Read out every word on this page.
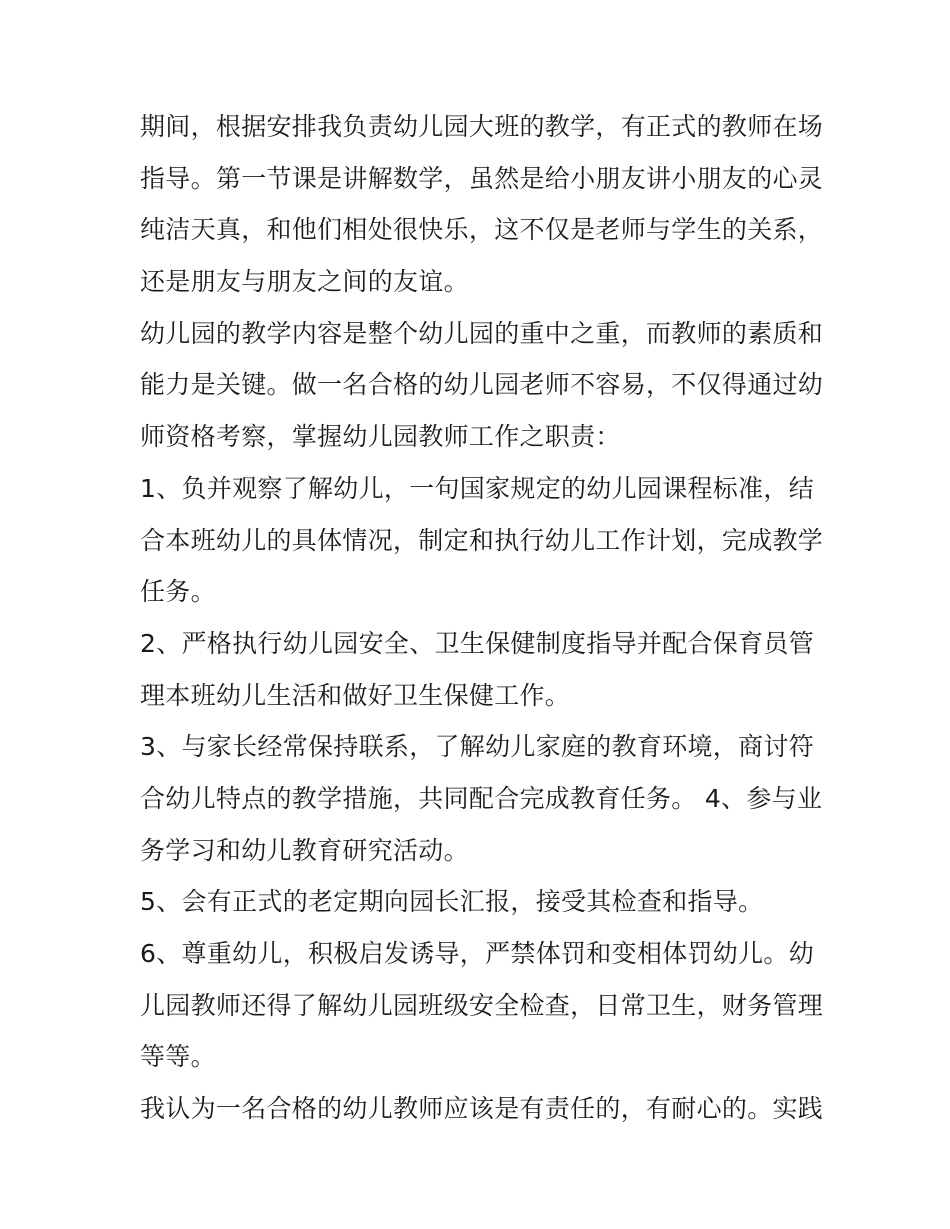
期间，根据安排我负责幼儿园大班的教学，有正式的教师在场
指导。第一节课是讲解数学，虽然是给小朋友讲小朋友的心灵
纯洁天真，和他们相处很快乐，这不仅是老师与学生的关系，
还是朋友与朋友之间的友谊。
幼儿园的教学内容是整个幼儿园的重中之重，而教师的素质和
能力是关键。做一名合格的幼儿园老师不容易，不仅得通过幼
师资格考察，掌握幼儿园教师工作之职责：
1、负并观察了解幼儿，一句国家规定的幼儿园课程标准，结
合本班幼儿的具体情况，制定和执行幼儿工作计划，完成教学
任务。
2、严格执行幼儿园安全、卫生保健制度指导并配合保育员管
理本班幼儿生活和做好卫生保健工作。
3、与家长经常保持联系，了解幼儿家庭的教育环境，商讨符
合幼儿特点的教学措施，共同配合完成教育任务。 4、参与业
务学习和幼儿教育研究活动。
5、会有正式的老定期向园长汇报，接受其检查和指导。
6、尊重幼儿，积极启发诱导，严禁体罚和变相体罚幼儿。幼
儿园教师还得了解幼儿园班级安全检查，日常卫生，财务管理
等等。
我认为一名合格的幼儿教师应该是有责任的，有耐心的。实践
